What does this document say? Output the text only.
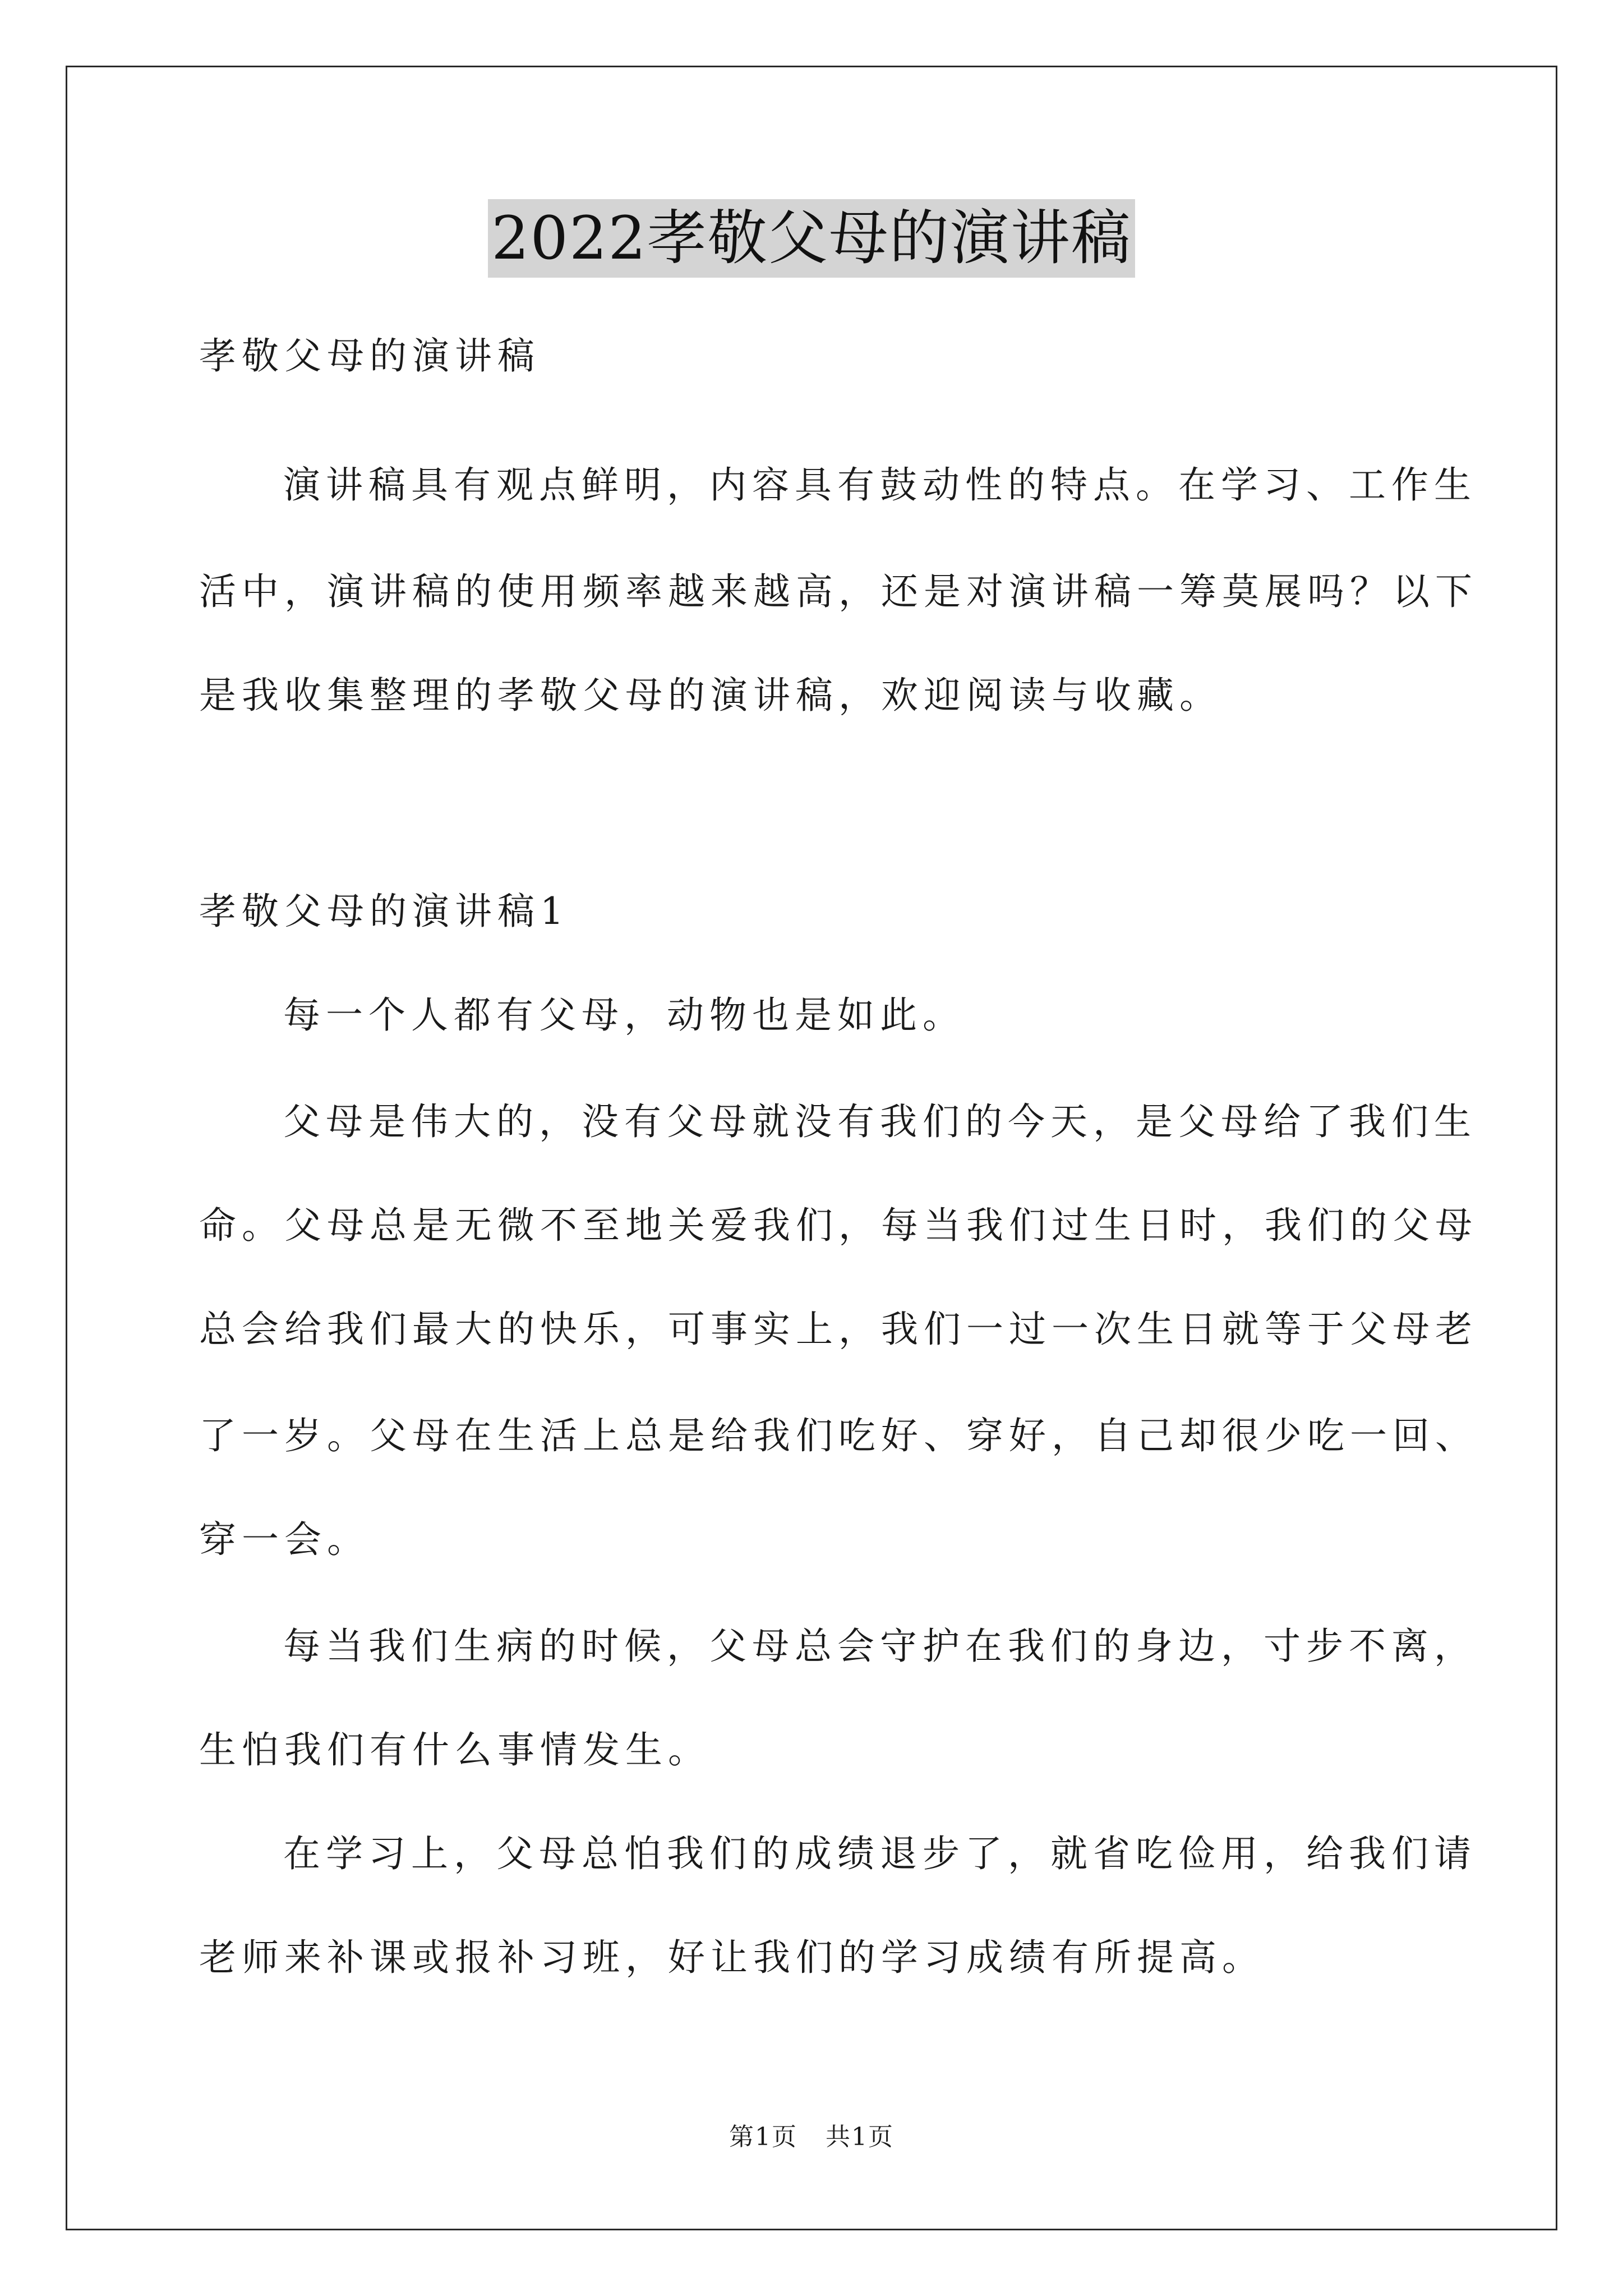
2022孝敬父母的演讲稿
孝敬父母的演讲稿
演讲稿具有观点鲜明，内容具有鼓动性的特点。在学习、工作生
活中，演讲稿的使用频率越来越高，还是对演讲稿一筹莫展吗？以下
是我收集整理的孝敬父母的演讲稿，欢迎阅读与收藏。
孝敬父母的演讲稿1
每一个人都有父母，动物也是如此。
父母是伟大的，没有父母就没有我们的今天，是父母给了我们生
命。父母总是无微不至地关爱我们，每当我们过生日时，我们的父母
总会给我们最大的快乐，可事实上，我们一过一次生日就等于父母老
了一岁。父母在生活上总是给我们吃好、穿好，自己却很少吃一回、
穿一会。
每当我们生病的时候，父母总会守护在我们的身边，寸步不离，
生怕我们有什么事情发生。
在学习上，父母总怕我们的成绩退步了，就省吃俭用，给我们请
老师来补课或报补习班，好让我们的学习成绩有所提高。
第1页 共1页
